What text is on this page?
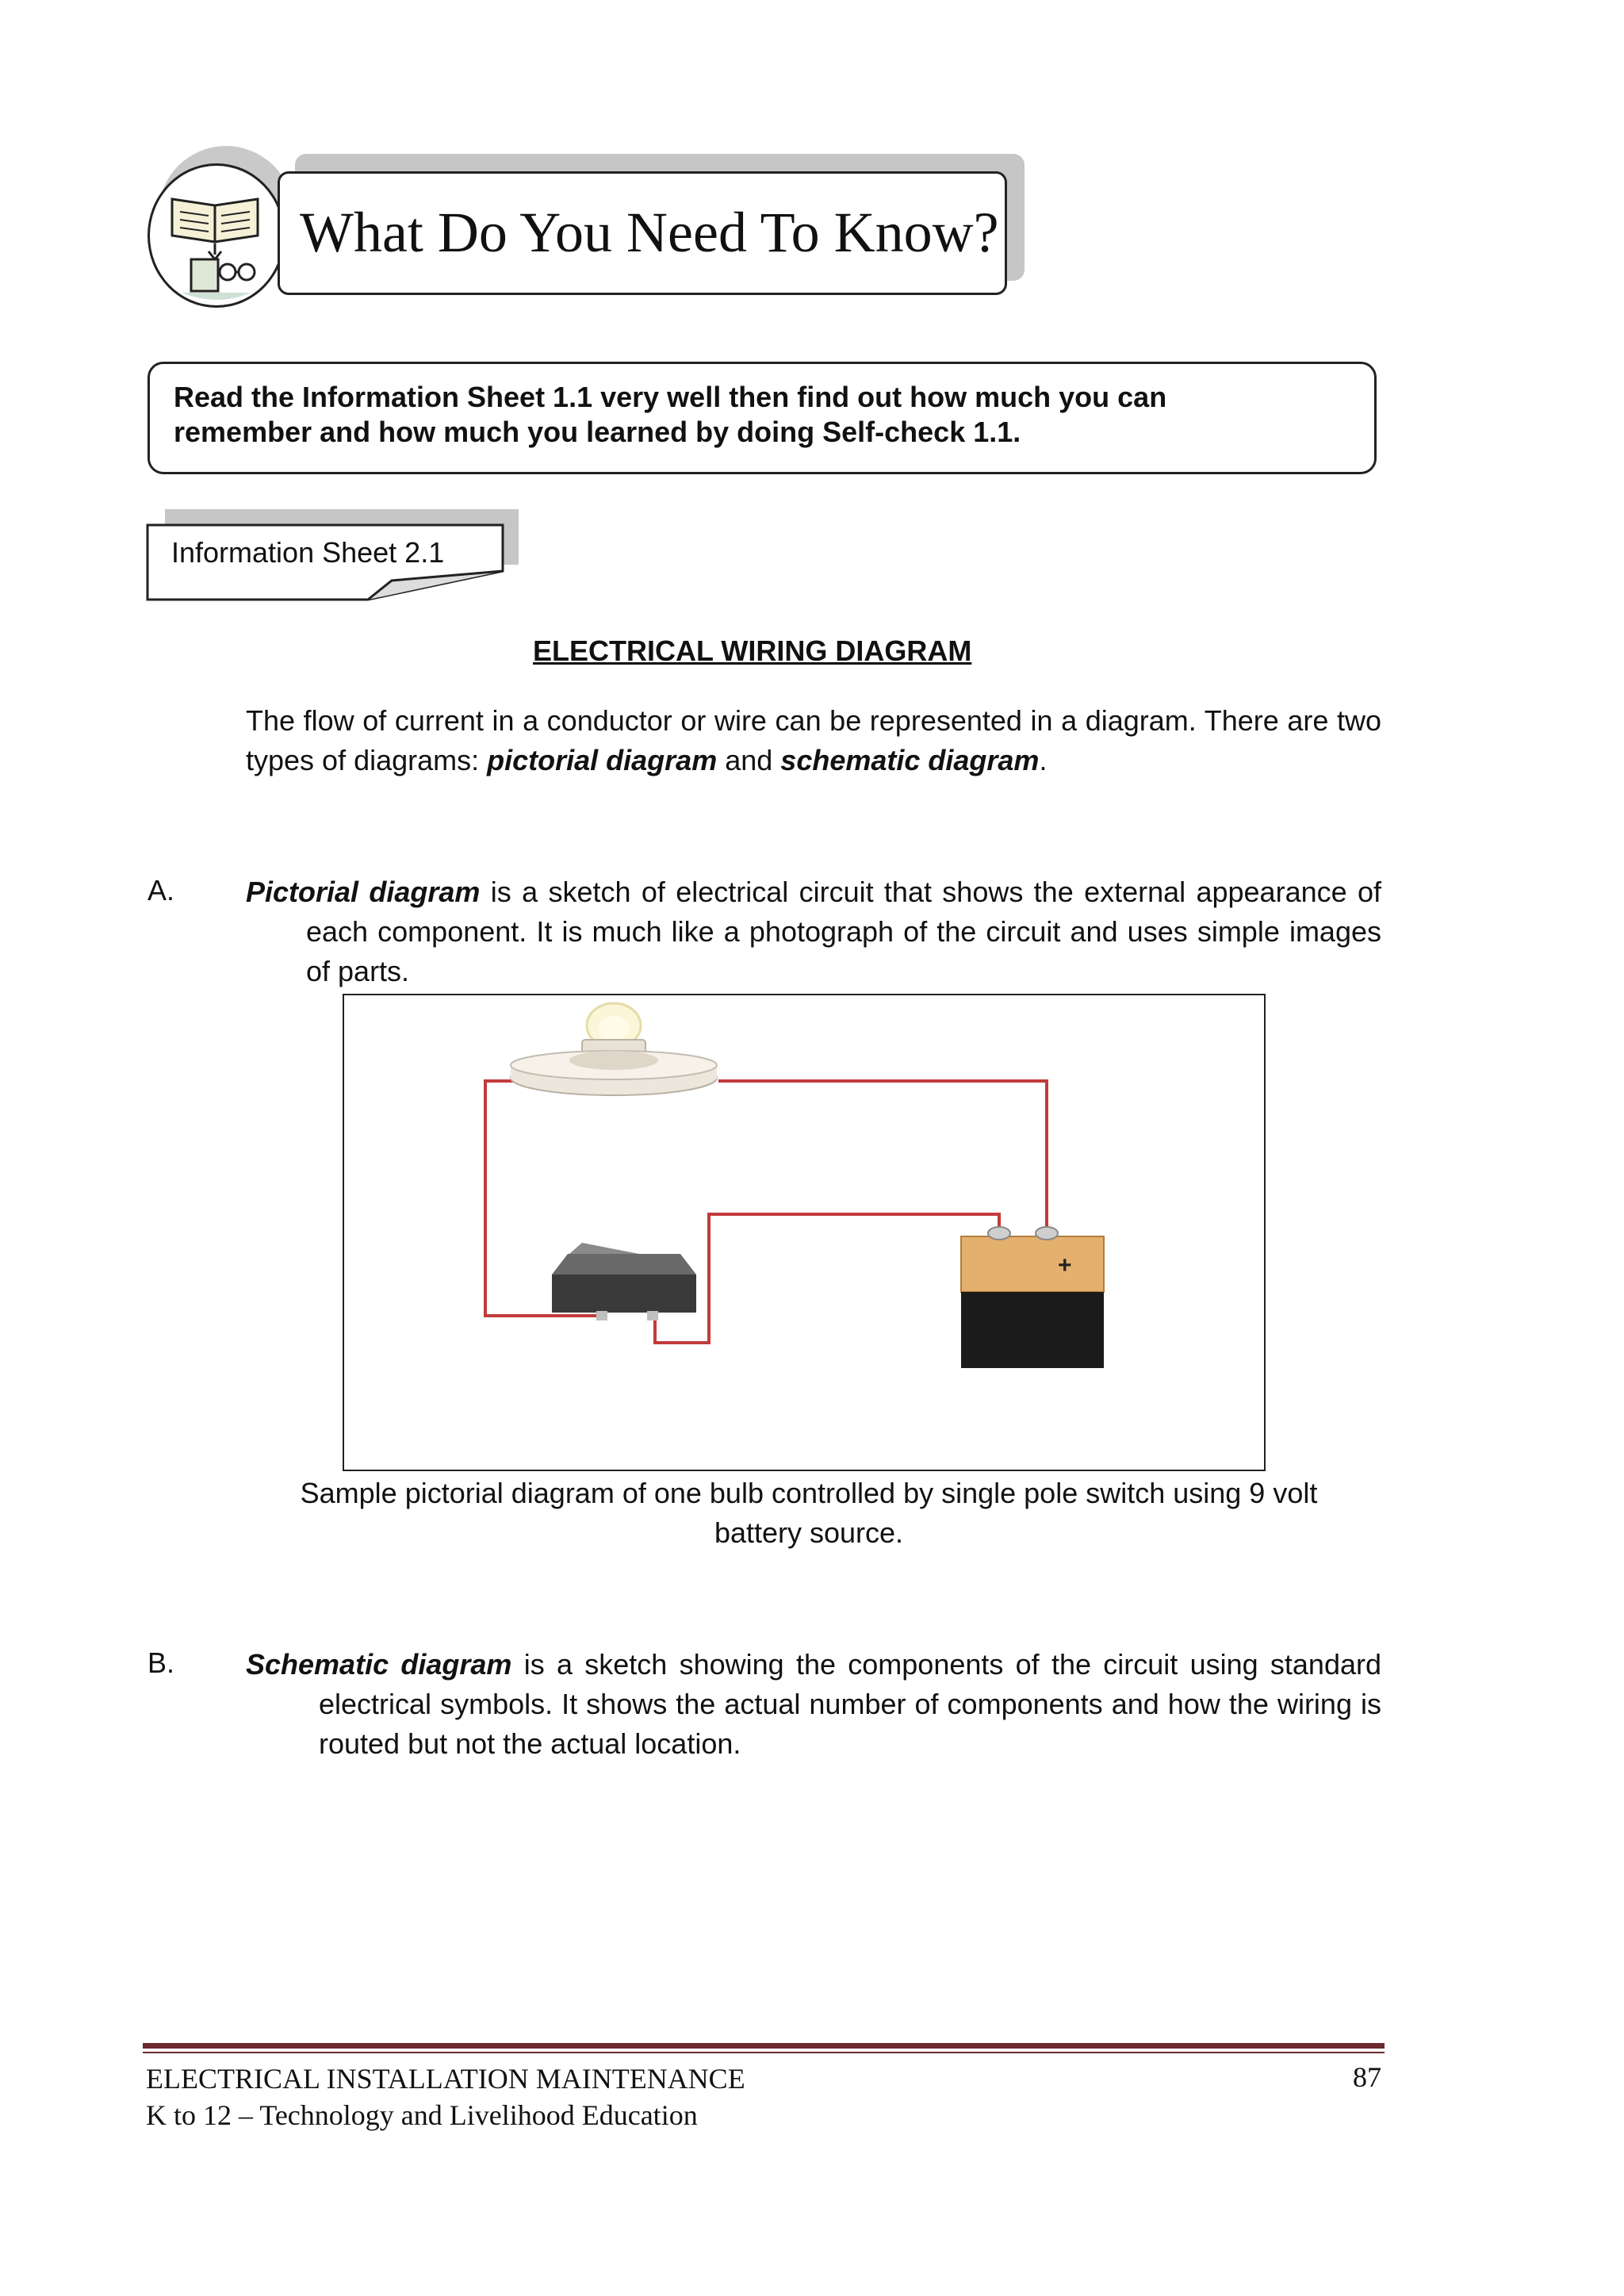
What Do You Need To Know?
Read the Information Sheet 1.1 very well then find out how much you can
remember and how much you learned by doing Self-check 1.1.
Information Sheet 2.1
ELECTRICAL WIRING DIAGRAM
The flow of current in a conductor or wire can be represented in a diagram. There are two types of diagrams: pictorial diagram and schematic diagram.
A. Pictorial diagram is a sketch of electrical circuit that shows the external appearance of each component. It is much like a photograph of the circuit and uses simple images of parts.
+
Sample pictorial diagram of one bulb controlled by single pole switch using 9 volt battery source.
B. Schematic diagram is a sketch showing the components of the circuit using standard electrical symbols. It shows the actual number of components and how the wiring is routed but not the actual location.
ELECTRICAL INSTALLATION MAINTENANCE
K to 12 – Technology and Livelihood Education
87
